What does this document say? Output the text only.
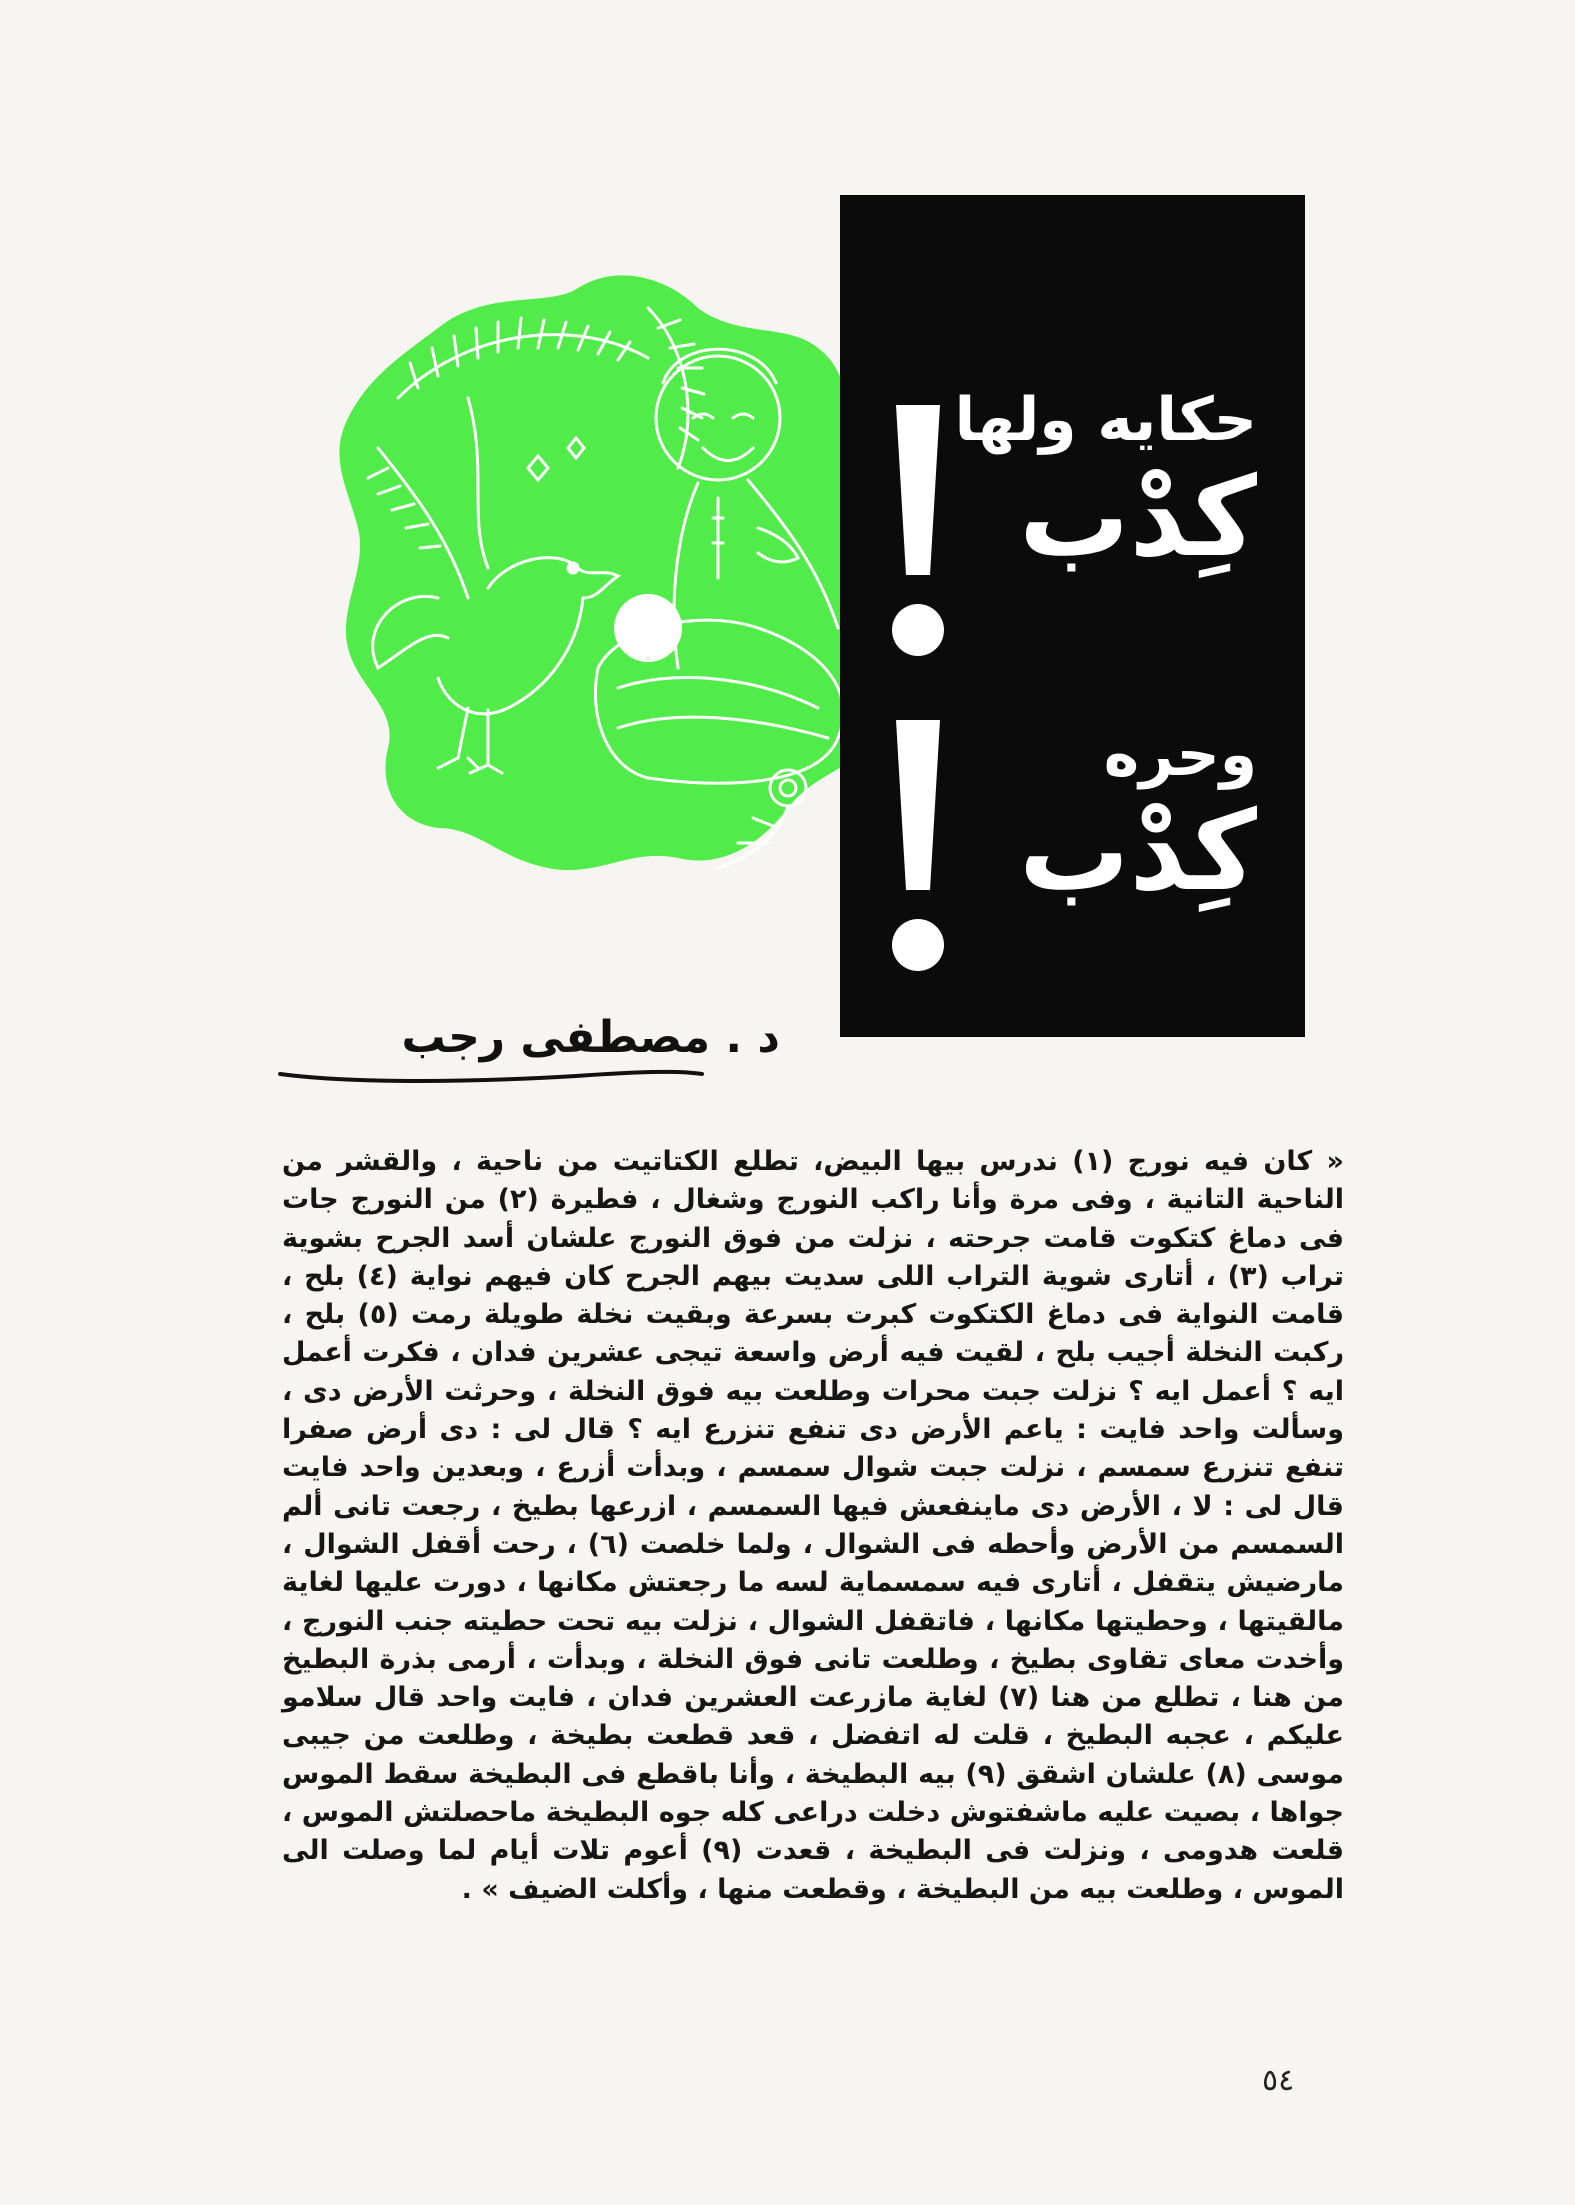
حكايه ولها

كِدْب

وحره

كِدْب

د . مصطفى رجب

« كان فيه نورج (١) ندرس بيها البيض، تطلع الكتاتيت من ناحية ، والقشر من الناحية التانية ، وفى مرة وأنا راكب النورج وشغال ، فطيرة (٢) من النورج جات فى دماغ كتكوت قامت جرحته ، نزلت من فوق النورج علشان أسد الجرح بشوية تراب (٣) ، أتارى شوية التراب اللى سديت بيهم الجرح كان فيهم نواية (٤) بلح ، قامت النواية فى دماغ الكتكوت كبرت بسرعة وبقيت نخلة طويلة رمت (٥) بلح ، ركبت النخلة أجيب بلح ، لقيت فيه أرض واسعة تيجى عشرين فدان ، فكرت أعمل ايه ؟ أعمل ايه ؟ نزلت جبت محرات وطلعت بيه فوق النخلة ، وحرثت الأرض دى ، وسألت واحد فايت : ياعم الأرض دى تنفع تنزرع ايه ؟ قال لى : دى أرض صفرا تنفع تنزرع سمسم ، نزلت جبت شوال سمسم ، وبدأت أزرع ، وبعدين واحد فايت قال لى : لا ، الأرض دى ماينفعش فيها السمسم ، ازرعها بطيخ ، رجعت تانى ألم السمسم من الأرض وأحطه فى الشوال ، ولما خلصت (٦) ، رحت أقفل الشوال ، مارضيش يتقفل ، أتارى فيه سمسماية لسه ما رجعتش مكانها ، دورت عليها لغاية مالقيتها ، وحطيتها مكانها ، فاتقفل الشوال ، نزلت بيه تحت حطيته جنب النورج ، وأخدت معاى تقاوى بطيخ ، وطلعت تانى فوق النخلة ، وبدأت ، أرمى بذرة البطيخ من هنا ، تطلع من هنا (٧) لغاية مازرعت العشرين فدان ، فايت واحد قال سلامو عليكم ، عجبه البطيخ ، قلت له اتفضل ، قعد قطعت بطيخة ، وطلعت من جيبى موسى (٨) علشان اشقق (٩) بيه البطيخة ، وأنا باقطع فى البطيخة سقط الموس جواها ، بصيت عليه ماشفتوش دخلت دراعى كله جوه البطيخة ماحصلتش الموس ، قلعت هدومى ، ونزلت فى البطيخة ، قعدت (٩) أعوم تلات أيام لما وصلت الى الموس ، وطلعت بيه من البطيخة ، وقطعت منها ، وأكلت الضيف » .

٥٤
